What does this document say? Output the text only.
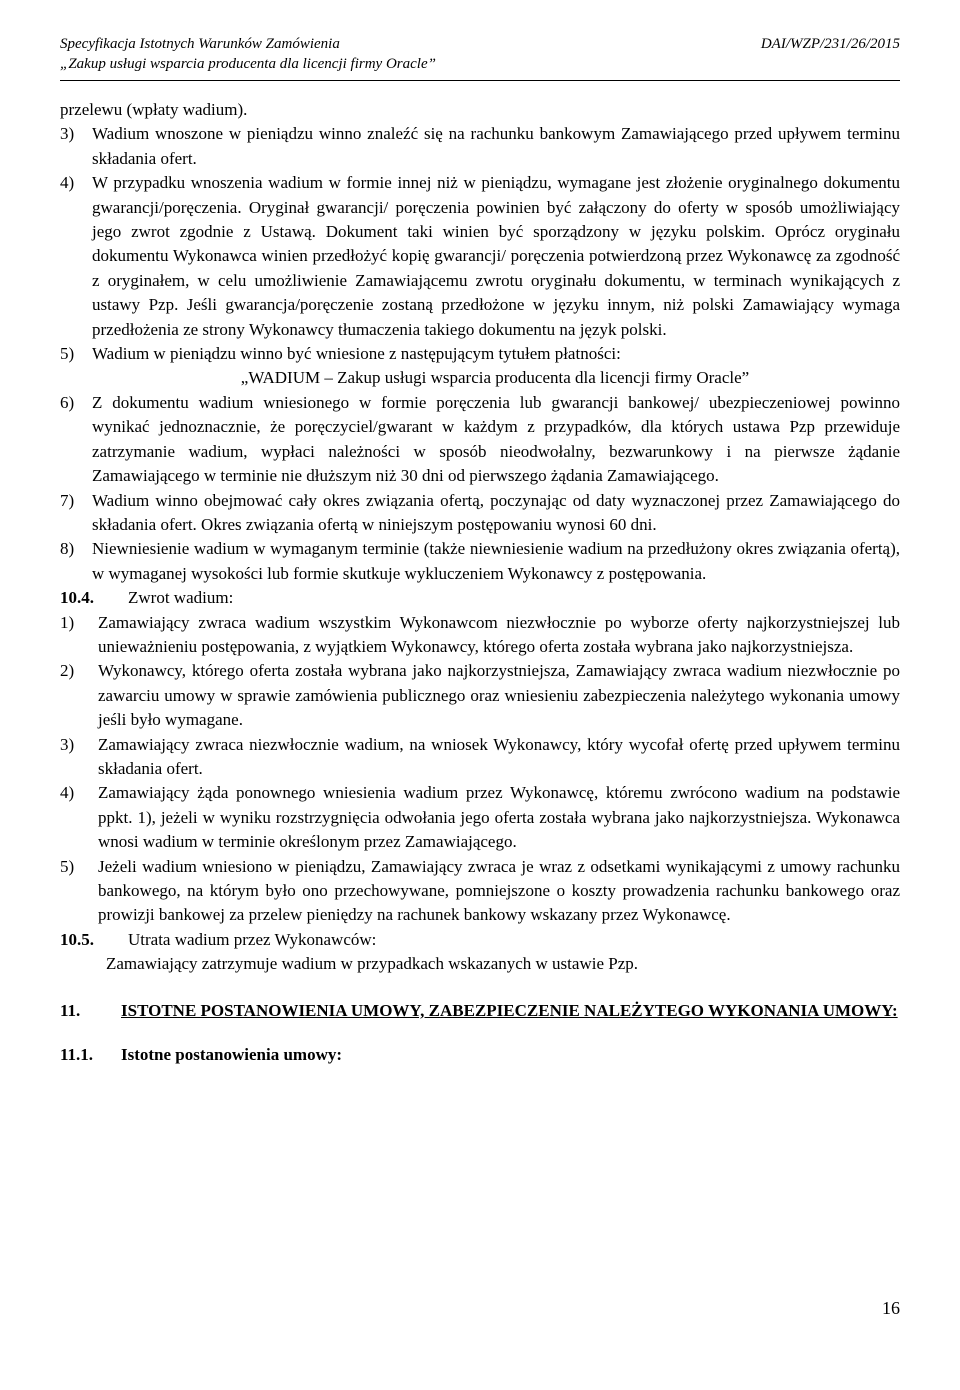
Specyfikacja Istotnych Warunków Zamówienia	DAI/WZP/231/26/2015
„Zakup usługi wsparcia producenta dla licencji firmy Oracle”

przelewu (wpłaty wadium).

3)	Wadium wnoszone w pieniądzu winno znaleźć się na rachunku bankowym Zamawiającego przed upływem terminu składania ofert.
4)	W przypadku wnoszenia wadium w formie innej niż w pieniądzu, wymagane jest złożenie oryginalnego dokumentu gwarancji/poręczenia. Oryginał gwarancji/ poręczenia powinien być załączony do oferty w sposób umożliwiający jego zwrot zgodnie z Ustawą. Dokument taki winien być sporządzony w języku polskim. Oprócz oryginału dokumentu Wykonawca winien przedłożyć kopię gwarancji/ poręczenia potwierdzoną przez Wykonawcę za zgodność z oryginałem, w celu umożliwienie Zamawiającemu zwrotu oryginału dokumentu, w terminach wynikających z ustawy Pzp. Jeśli gwarancja/poręczenie zostaną przedłożone w języku innym, niż polski Zamawiający wymaga przedłożenia ze strony Wykonawcy tłumaczenia takiego dokumentu na język polski.
5)	Wadium w pieniądzu winno być wniesione z następującym tytułem płatności:

„WADIUM – Zakup usługi wsparcia producenta dla licencji firmy Oracle”

6)	Z dokumentu wadium wniesionego w formie poręczenia lub gwarancji bankowej/ ubezpieczeniowej powinno wynikać jednoznacznie, że poręczyciel/gwarant w każdym z przypadków, dla których ustawa Pzp przewiduje zatrzymanie wadium, wypłaci należności w sposób nieodwołalny, bezwarunkowy i na pierwsze żądanie Zamawiającego w terminie nie dłuższym niż 30 dni od pierwszego żądania Zamawiającego.
7)	Wadium winno obejmować cały okres związania ofertą, poczynając od daty wyznaczonej przez Zamawiającego do składania ofert. Okres związania ofertą w niniejszym postępowaniu wynosi 60 dni.
8)	Niewniesienie wadium w wymaganym terminie (także niewniesienie wadium na przedłużony okres związania ofertą), w wymaganej wysokości lub formie skutkuje wykluczeniem Wykonawcy z postępowania.
10.4.	Zwrot wadium:
1)	Zamawiający zwraca wadium wszystkim Wykonawcom niezwłocznie po wyborze oferty najkorzystniejszej lub unieważnieniu postępowania, z wyjątkiem Wykonawcy, którego oferta została wybrana jako najkorzystniejsza.
2)	Wykonawcy, którego oferta została wybrana jako najkorzystniejsza, Zamawiający zwraca wadium niezwłocznie po zawarciu umowy w sprawie zamówienia publicznego oraz wniesieniu zabezpieczenia należytego wykonania umowy jeśli było wymagane.
3)	Zamawiający zwraca niezwłocznie wadium, na wniosek Wykonawcy, który wycofał ofertę przed upływem terminu składania ofert.
4)	Zamawiający żąda ponownego wniesienia wadium przez Wykonawcę, któremu zwrócono wadium na podstawie ppkt. 1), jeżeli w wyniku rozstrzygnięcia odwołania jego oferta została wybrana jako najkorzystniejsza. Wykonawca wnosi wadium w terminie określonym przez Zamawiającego.
5)	Jeżeli wadium wniesiono w pieniądzu, Zamawiający zwraca je wraz z odsetkami wynikającymi z umowy rachunku bankowego, na którym było ono przechowywane, pomniejszone o koszty prowadzenia rachunku bankowego oraz prowizji bankowej za przelew pieniędzy na rachunek bankowy wskazany przez Wykonawcę.
10.5.	Utrata wadium przez Wykonawców:

Zamawiający zatrzymuje wadium w przypadkach wskazanych w ustawie Pzp.

11.	ISTOTNE POSTANOWIENIA UMOWY, ZABEZPIECZENIE NALEŻYTEGO WYKONANIA UMOWY:
11.1.	Istotne postanowienia umowy:
16
